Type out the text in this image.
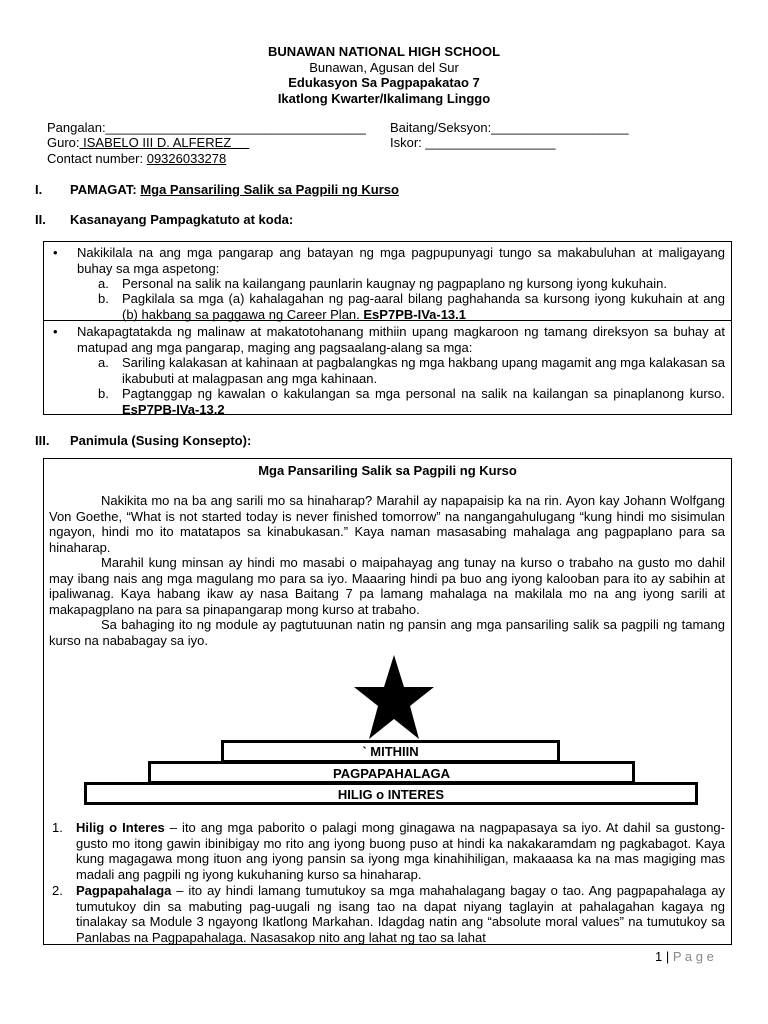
BUNAWAN NATIONAL HIGH SCHOOL
Bunawan, Agusan del Sur
Edukasyon Sa Pagpapakatao 7
Ikatlong Kwarter/Ikalimang Linggo
Pangalan:____________________________________ Baitang/Seksyon:___________________
Guro: ISABELO III D. ALFEREZ	Iskor: __________________
Contact number: 09326033278
I. PAMAGAT: Mga Pansariling Salik sa Pagpili ng Kurso
II. Kasanayang Pampagkatuto at koda:
• Nakikilala na ang mga pangarap ang batayan ng mga pagpupunyagi tungo sa makabuluhan at maligayang buhay sa mga aspetong:
a. Personal na salik na kailangang paunlarin kaugnay ng pagpaplano ng kursong iyong kukuhain.
b. Pagkilala sa mga (a) kahalagahan ng pag-aaral bilang paghahanda sa kursong iyong kukuhain at ang (b) hakbang sa paggawa ng Career Plan. EsP7PB-IVa-13.1
• Nakapagtatakda ng malinaw at makatotohanang mithiin upang magkaroon ng tamang direksyon sa buhay at matupad ang mga pangarap, maging ang pagsaalang-alang sa mga:
a. Sariling kalakasan at kahinaan at pagbalangkas ng mga hakbang upang magamit ang mga kalakasan sa ikabubuti at malagpasan ang mga kahinaan.
b. Pagtanggap ng kawalan o kakulangan sa mga personal na salik na kailangan sa pinaplanong kurso. EsP7PB-IVa-13.2
III. Panimula (Susing Konsepto):
Mga Pansariling Salik sa Pagpili ng Kurso
Nakikita mo na ba ang sarili mo sa hinaharap? Marahil ay napapaisip ka na rin. Ayon kay Johann Wolfgang Von Goethe, “What is not started today is never finished tomorrow” na nangangahulugang “kung hindi mo sisimulan ngayon, hindi mo ito matatapos sa kinabukasan.” Kaya naman masasabing mahalaga ang pagpaplano para sa hinaharap.
Marahil kung minsan ay hindi mo masabi o maipahayag ang tunay na kurso o trabaho na gusto mo dahil may ibang nais ang mga magulang mo para sa iyo. Maaaring hindi pa buo ang iyong kalooban para ito ay sabihin at ipaliwanag. Kaya habang ikaw ay nasa Baitang 7 pa lamang mahalaga na makilala mo na ang iyong sarili at makapagplano na para sa pinapangarap mong kurso at trabaho.
Sa bahaging ito ng module ay pagtutuunan natin ng pansin ang mga pansariling salik sa pagpili ng tamang kurso na nababagay sa iyo.
` MITHIIN
PAGPAPAHALAGA
HILIG o INTERES
1. Hilig o Interes – ito ang mga paborito o palagi mong ginagawa na nagpapasaya sa iyo. At dahil sa gustong-gusto mo itong gawin ibinibigay mo rito ang iyong buong puso at hindi ka nakakaramdam ng pagkabagot. Kaya kung magagawa mong ituon ang iyong pansin sa iyong mga kinahihiligan, makaaasa ka na mas magiging mas madali ang pagpili ng iyong kukuhaning kurso sa hinaharap.
2. Pagpapahalaga – ito ay hindi lamang tumutukoy sa mga mahahalagang bagay o tao. Ang pagpapahalaga ay tumutukoy din sa mabuting pag-uugali ng isang tao na dapat niyang taglayin at pahalagahan kagaya ng tinalakay sa Module 3 ngayong Ikatlong Markahan. Idagdag natin ang “absolute moral values” na tumutukoy sa Panlabas na Pagpapahalaga. Nasasakop nito ang lahat ng tao sa lahat
1 | P a g e
